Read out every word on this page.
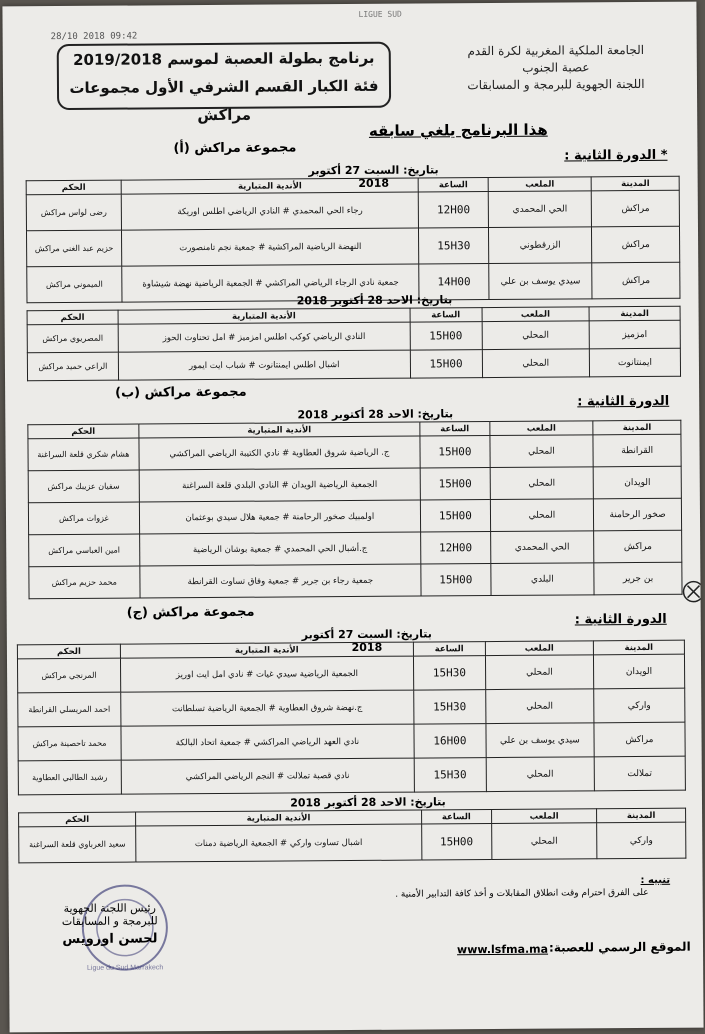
28/10 2018 09:42
LIGUE SUD
الجامعة الملكية المغربية لكرة القدم
عصبة الجنوب
اللجنة الجهوية للبرمجة و المسابقات
برنامج بطولة العصبة لموسم 2019/2018
فئة الكبار القسم الشرفي الأول مجموعات مراكش
هذا البرنامج يلغي سابقه
* الدورة الثانية :
مجموعة مراكش (أ)
بتاريخ: السبت 27 أكتوبر 2018	المدينة	الملعب	الساعة	الأندية المتبارية	الحكم
مراكش	الحي المحمدي	12H00	رجاء الحي المحمدي # النادي الرياضي اطلس اوريكة	رضى لواس مراكش
مراكش	الزرقطوني	15H30	النهضة الرياضية المراكشية # جمعية نجم تامنصورت	حزيم عبد الغني مراكش
مراكش	سيدي يوسف بن علي	14H00	جمعية نادي الرجاء الرياضي المراكشي # الجمعية الرياضية نهضة شيشاوة	الميموني مراكش
بتاريخ: الاحد 28 أكتوبر 2018
المدينة	الملعب	الساعة	الأندية المتبارية	الحكم
امزميز	المحلي	15H00	النادي الرياضي كوكب اطلس امزميز # امل تحناوت الحوز	المصريوي مراكش
ايمنتانوت	المحلي	15H00	اشبال اطلس ايمنتانوت # شباب ايت ايمور	الراعي حميد مراكش
الدورة الثانية :
مجموعة مراكش (ب)
بتاريخ: الاحد 28 أكتوبر 2018
المدينة	الملعب	الساعة	الأندية المتبارية	الحكم
القرانطة	المحلي	15H00	ج. الرياضية شروق العطاوية # نادي الكتيبة الرياضي المراكشي	هشام شكري قلعة السراغنة
الويدان	المحلي	15H00	الجمعية الرياضية الويدان # النادي البلدي قلعة السراغنة	سفيان عزيبك مراكش
صخور الرحامنة	المحلي	15H00	اولمبيك صخور الرحامنة # جمعية هلال سيدي بوعثمان	غزوات مراكش
مراكش	الحي المحمدي	12H00	ج.أشبال الحي المحمدي # جمعية بوشان الرياضية	امين العباسي مراكش
بن جرير	البلدي	15H00	جمعية رجاء بن جرير # جمعية وفاق تساوت القرانطة	محمد حزيم مراكش
الدورة الثانية :
مجموعة مراكش (ج)
بتاريخ: السبت 27 أكتوبر 2018	المدينة	الملعب	الساعة	الأندية المتبارية	الحكم
الويدان	المحلي	15H30	الجمعية الرياضية سيدي غيات # نادي امل ايت اوريز	المرنجي مراكش
واركي	المحلي	15H30	ج.نهضة شروق العطاوية # الجمعية الرياضية تسلطانت	احمد المريسلي القرانطة
مراكش	سيدي يوسف بن علي	16H00	نادي العهد الرياضي المراكشي # جمعية اتحاد البالكة	محمد تاحصينة مراكش
تملالت	المحلي	15H30	نادي قصبة تملالت # النجم الرياضي المراكشي	رشيد الطالبي العطاوية
بتاريخ: الاحد 28 أكتوبر 2018
المدينة	الملعب	الساعة	الأندية المتبارية	الحكم
واركي	المحلي	15H00	اشبال تساوت واركي # الجمعية الرياضية دمنات	سعيد العرباوي قلعة السراغنة
تنبيه :
على الفرق احترام وقت انطلاق المقابلات و أخذ كافة التدابير الأمنية .
Ligue du Sud Marrakech
رئيس اللجنة الجهوية للبرمجة و المسابقات
لحسن اورويس
الموقع الرسمي للعصبة:
www.lsfma.ma
